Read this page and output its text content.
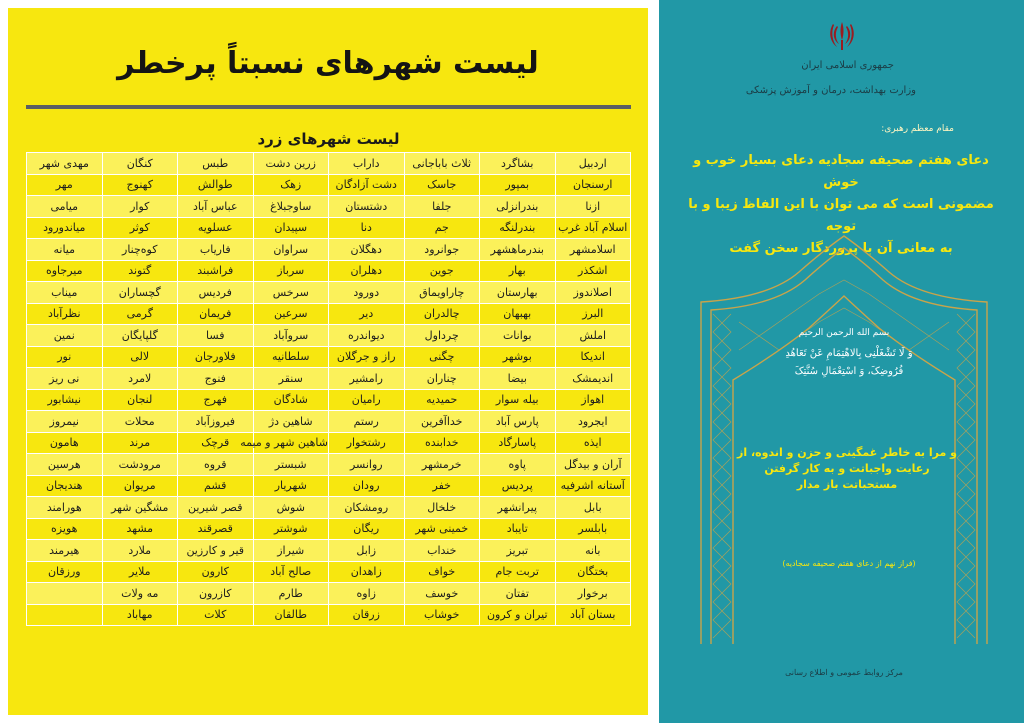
لیست شهرهای نسبتاً پرخطر
لیست شهرهای زرد
اردبیل	بشاگرد	ثلاث باباجانی	داراب	زرین دشت	طبس	کنگان	مهدی شهر
ارسنجان	بمپور	جاسک	دشت آزادگان	زهک	طوالش	کهنوج	مهر
ازنا	بندرانزلی	جلفا	دشتستان	ساوجبلاغ	عباس آباد	کوار	میامی
اسلام آباد غرب	بندرلنگه	جم	دنا	سپیدان	عسلویه	کوثر	میاندورود
اسلامشهر	بندرماهشهر	جوانرود	دهگلان	سراوان	فاریاب	کوه‌چنار	میانه
اشکذر	بهار	جوین	دهلران	سرباز	فراشبند	گتوند	میرجاوه
اصلاندوز	بهارستان	چاراویماق	دورود	سرخس	فردیس	گچساران	میناب
البرز	بهبهان	چالدران	دیر	سرعین	فریمان	گرمی	نظرآباد
املش	بوانات	چرداول	دیواندره	سروآباد	فسا	گلپایگان	نمین
اندیکا	بوشهر	چگنی	راز و جرگلان	سلطانیه	فلاورجان	لالی	نور
اندیمشک	بیضا	چناران	رامشیر	سنقر	فنوج	لامرد	نی ریز
اهواز	بیله سوار	حمیدیه	رامیان	شادگان	فهرج	لنجان	نیشابور
ایجرود	پارس آباد	خداآفرین	رستم	شاهین دژ	فیروزآباد	محلات	نیمروز
ایذه	پاسارگاد	خدابنده	رشتخوار	شاهین شهر و میمه	قرچک	مرند	هامون
آران و بیدگل	پاوه	خرمشهر	روانسر	شبستر	قروه	مرودشت	هرسین
آستانه اشرفیه	پردیس	خفر	رودان	شهریار	قشم	مریوان	هندیجان
بابل	پیرانشهر	خلخال	رومشکان	شوش	قصر شیرین	مشگین شهر	هورامند
بابلسر	تایباد	خمینی شهر	ریگان	شوشتر	قصرقند	مشهد	هویزه
بانه	تبریز	خنداب	زابل	شیراز	قیر و کارزین	ملارد	هیرمند
بختگان	تربت جام	خواف	زاهدان	صالح آباد	کارون	ملایر	ورزقان
برخوار	تفتان	خوسف	زاوه	طارم	کازرون	مه ولات	
بستان آباد	تیران و کرون	خوشاب	زرقان	طالقان	کلات	مهاباد	
جمهوری اسلامی ایران
وزارت بهداشت، درمان و آموزش پزشکی
مقام معظم رهبری:
دعای هفتم صحیفه سجادیه دعای بسیار خوب و خوش
مضمونی است که می توان با این الفاظ زیبا و با توجه
به معانی آن با پروردگار سخن گفت
بسم الله الرحمن الرحیم
وَ لَا تَشْغَلْنِی بِالاهْتِمَامِ عَنْ تَعَاهُدِ
فُرُوضِکَ، وَ اسْتِعْمَالِ سُنَّتِکَ
و مرا به خاطر غمگینی و حزن و اندوه، از
رعایت واجباتت و به کار گرفتن
مستحباتت باز مدار
(فراز نهم از دعای هفتم صحیفه سجادیه)
مرکز روابط عمومی و اطلاع رسانی
